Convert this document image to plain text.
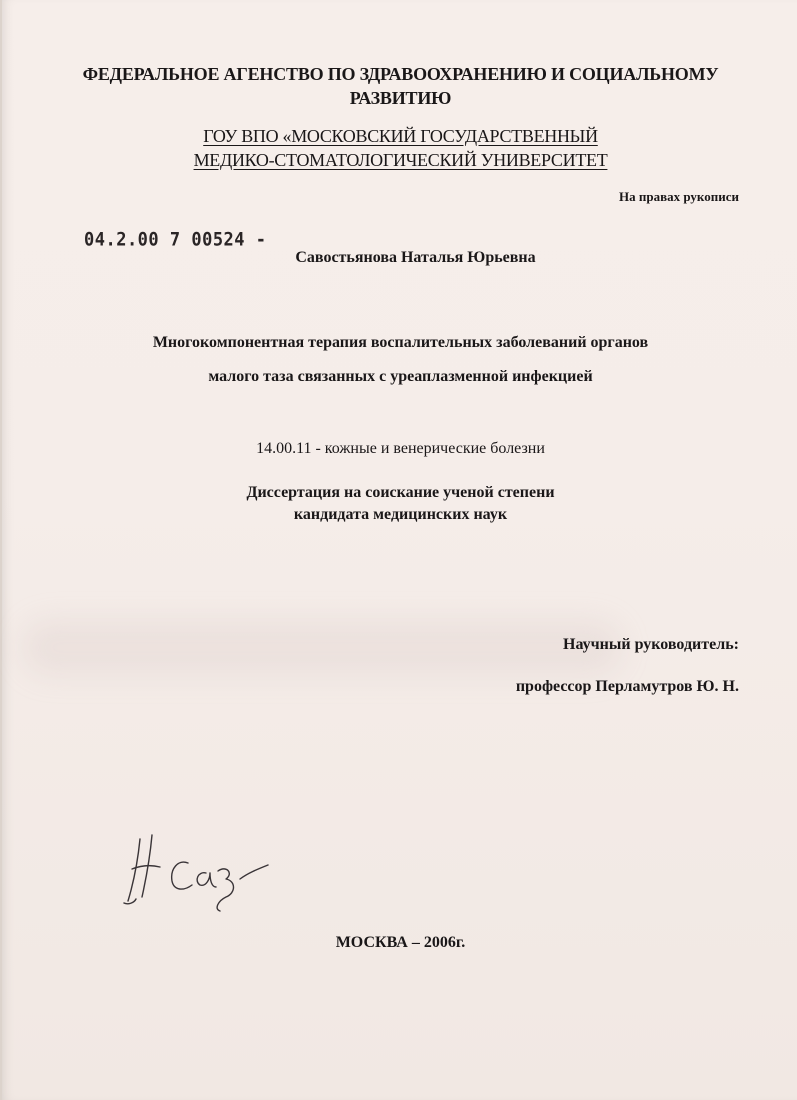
ФЕДЕРАЛЬНОЕ АГЕНСТВО ПО ЗДРАВООХРАНЕНИЮ И СОЦИАЛЬНОМУ
РАЗВИТИЮ
ГОУ ВПО «МОСКОВСКИЙ ГОСУДАРСТВЕННЫЙ
МЕДИКО-СТОМАТОЛОГИЧЕСКИЙ УНИВЕРСИТЕТ
На правах рукописи
04.2.00 7 00524 -
Савостьянова Наталья Юрьевна
Многокомпонентная терапия воспалительных заболеваний органов
малого таза связанных с уреаплазменной инфекцией
14.00.11 - кожные и венерические болезни
Диссертация на соискание ученой степени
кандидата медицинских наук
Научный руководитель:
профессор Перламутров Ю. Н.
МОСКВА – 2006г.
